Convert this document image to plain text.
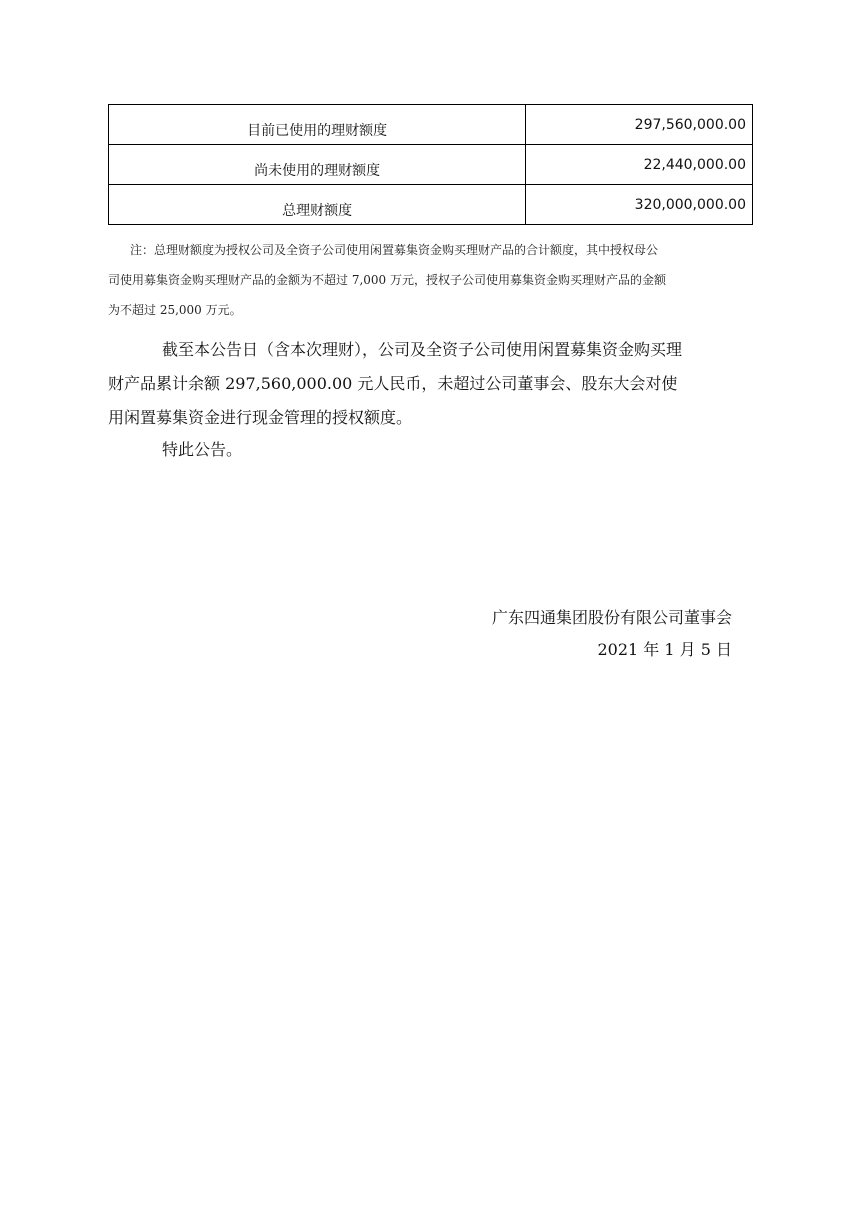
目前已使用的理财额度	297,560,000.00
尚未使用的理财额度	22,440,000.00
总理财额度	320,000,000.00
注：总理财额度为授权公司及全资子公司使用闲置募集资金购买理财产品的合计额度，其中授权母公
司使用募集资金购买理财产品的金额为不超过 7,000 万元，授权子公司使用募集资金购买理财产品的金额
为不超过 25,000 万元。
截至本公告日（含本次理财），公司及全资子公司使用闲置募集资金购买理
财产品累计余额 297,560,000.00 元人民币，未超过公司董事会、股东大会对使
用闲置募集资金进行现金管理的授权额度。
特此公告。
广东四通集团股份有限公司董事会
2021 年 1 月 5 日
